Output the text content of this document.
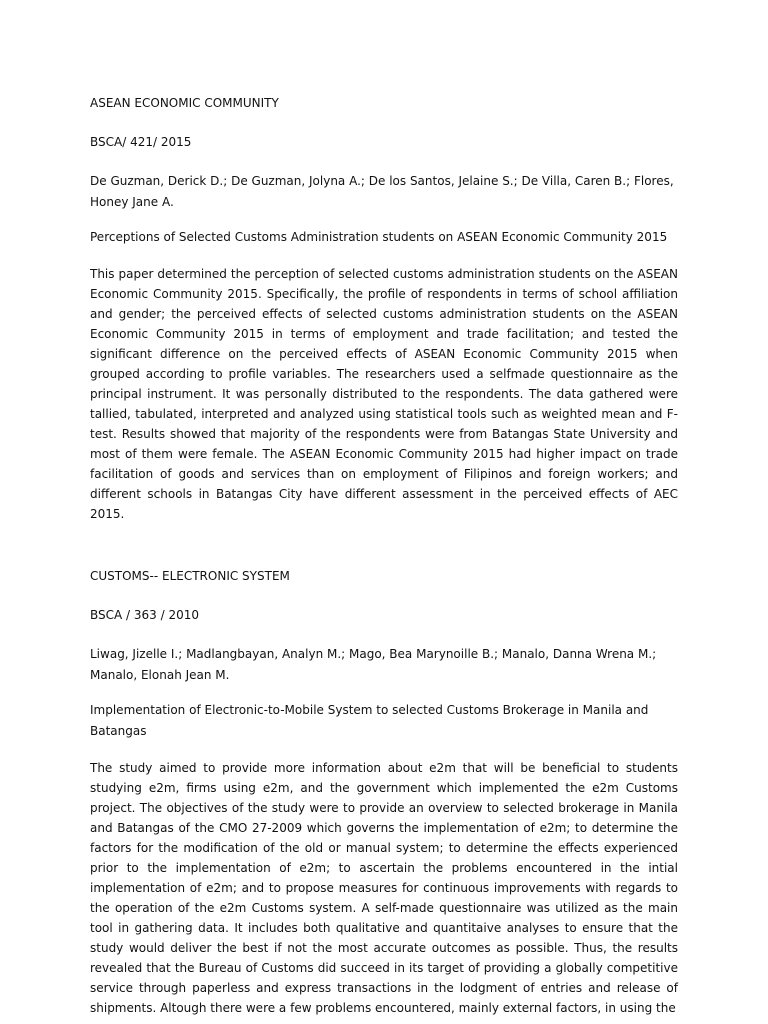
ASEAN ECONOMIC COMMUNITY

BSCA/ 421/ 2015

De Guzman, Derick D.; De Guzman, Jolyna A.; De los Santos, Jelaine S.; De Villa, Caren B.; Flores, Honey Jane A.

Perceptions of Selected Customs Administration students on ASEAN Economic Community 2015

This paper determined the perception of selected customs administration students on the ASEAN Economic Community 2015. Specifically, the profile of respondents in terms of school affiliation and gender; the perceived effects of selected customs administration students on the ASEAN Economic Community 2015 in terms of employment and trade facilitation; and tested the significant difference on the perceived effects of ASEAN Economic Community 2015 when grouped according to profile variables. The researchers used a selfmade questionnaire as the principal instrument. It was personally distributed to the respondents. The data gathered were tallied, tabulated, interpreted and analyzed using statistical tools such as weighted mean and F-test. Results showed that majority of the respondents were from Batangas State University and most of them were female. The ASEAN Economic Community 2015 had higher impact on trade facilitation of goods and services than on employment of Filipinos and foreign workers; and different schools in Batangas City have different assessment in the perceived effects of AEC 2015.

CUSTOMS-- ELECTRONIC SYSTEM

BSCA / 363 / 2010

Liwag, Jizelle I.; Madlangbayan, Analyn M.; Mago, Bea Marynoille B.; Manalo, Danna Wrena M.; Manalo, Elonah Jean M.

Implementation of Electronic-to-Mobile System to selected Customs Brokerage in Manila and Batangas

The study aimed to provide more information about e2m that will be beneficial to students studying e2m, firms using e2m, and the government which implemented the e2m Customs project. The objectives of the study were to provide an overview to selected brokerage in Manila and Batangas of the CMO 27-2009 which governs the implementation of e2m; to determine the factors for the modification of the old or manual system; to determine the effects experienced prior to the implementation of e2m; to ascertain the problems encountered in the intial implementation of e2m; and to propose measures for continuous improvements with regards to the operation of the e2m Customs system. A self-made questionnaire was utilized as the main tool in gathering data. It includes both qualitative and quantitaive analyses to ensure that the study would deliver the best if not the most accurate outcomes as possible. Thus, the results revealed that the Bureau of Customs did succeed in its target of providing a globally competitive service through paperless and express transactions in the lodgment of entries and release of shipments. Altough there were a few problems encountered, mainly external factors, in using the
